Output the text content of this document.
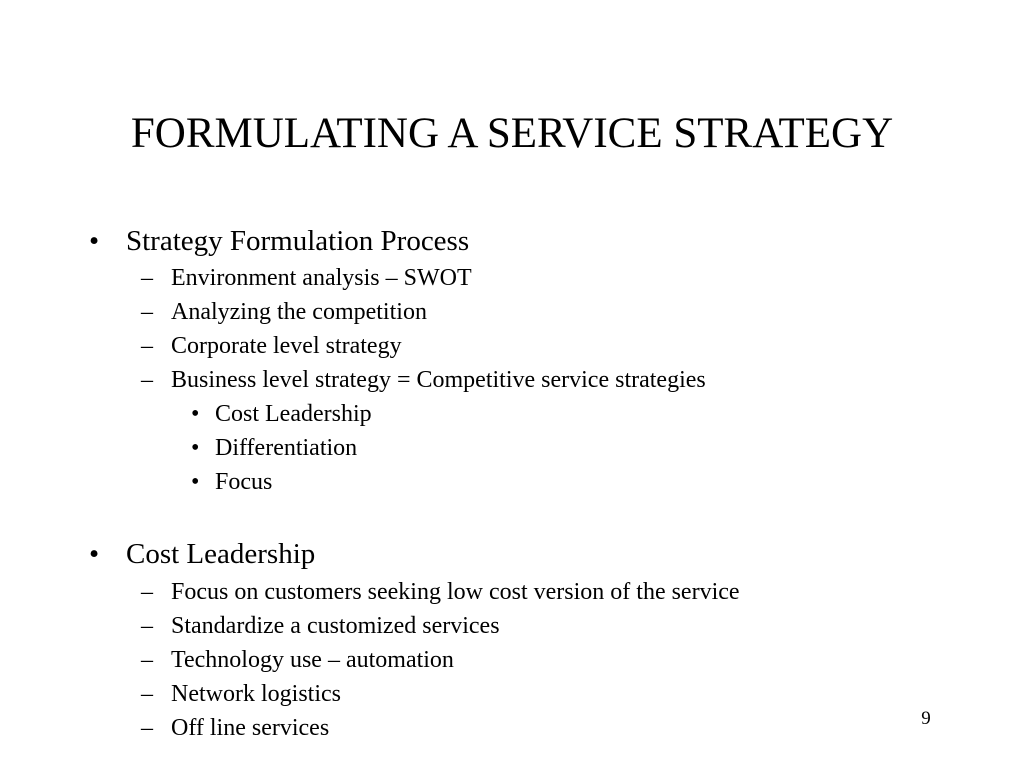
FORMULATING A SERVICE STRATEGY
• Strategy Formulation Process
– Environment analysis – SWOT
– Analyzing the competition
– Corporate level strategy
– Business level strategy = Competitive service strategies
• Cost Leadership
• Differentiation
• Focus
• Cost Leadership
– Focus on customers seeking low cost version of the service
– Standardize a customized services
– Technology use – automation
– Network logistics
– Off line services	9
